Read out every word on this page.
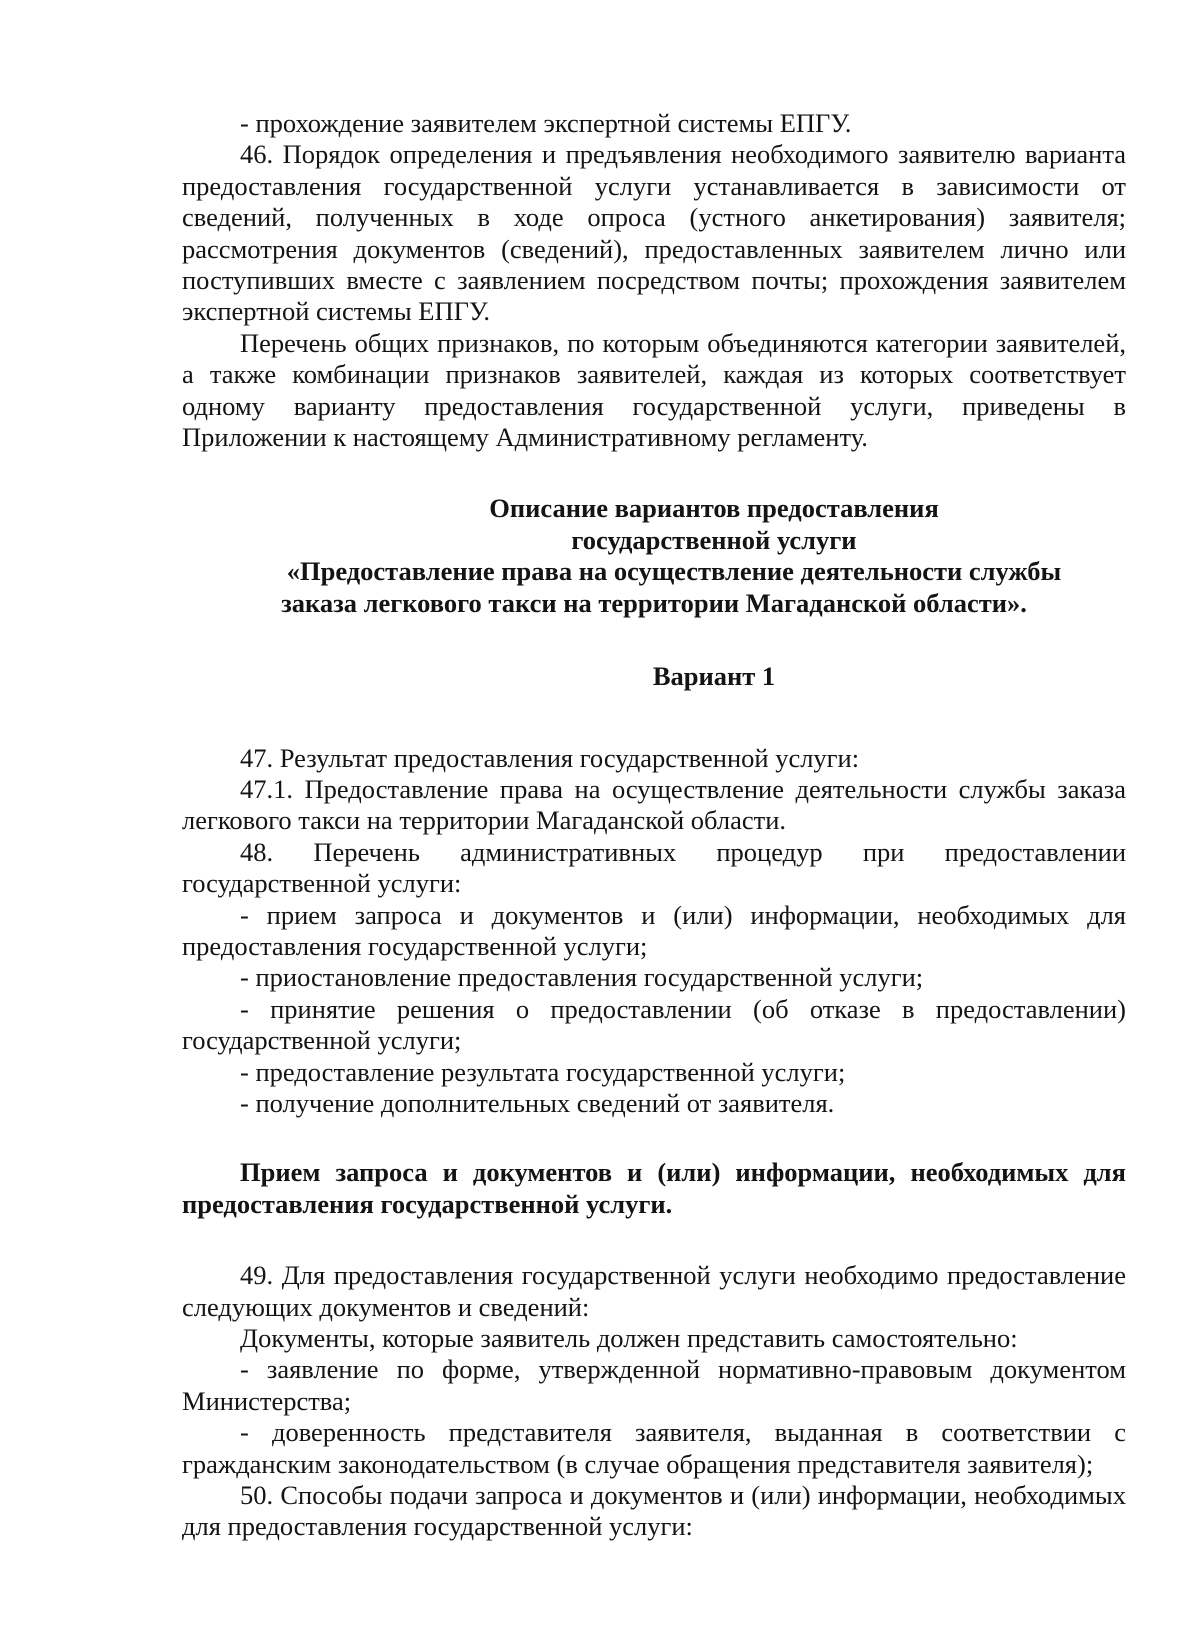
- прохождение заявителем экспертной системы ЕПГУ.

46. Порядок определения и предъявления необходимого заявителю варианта предоставления государственной услуги устанавливается в зависимости от сведений, полученных в ходе опроса (устного анкетирования) заявителя; рассмотрения документов (сведений), предоставленных заявителем лично или поступивших вместе с заявлением посредством почты; прохождения заявителем экспертной системы ЕПГУ.

Перечень общих признаков, по которым объединяются категории заявителей, а также комбинации признаков заявителей, каждая из которых соответствует одному варианту предоставления государственной услуги, приведены в Приложении к настоящему Административному регламенту.

Описание вариантов предоставления
государственной услуги
«Предоставление права на осуществление деятельности службы
заказа легкового такси на территории Магаданской области».

Вариант 1

47. Результат предоставления государственной услуги:

47.1. Предоставление права на осуществление деятельности службы заказа легкового такси на территории Магаданской области.

48. Перечень административных процедур при предоставлении государственной услуги:

- прием запроса и документов и (или) информации, необходимых для предоставления государственной услуги;

- приостановление предоставления государственной услуги;

- принятие решения о предоставлении (об отказе в предоставлении) государственной услуги;

- предоставление результата государственной услуги;

- получение дополнительных сведений от заявителя.

Прием запроса и документов и (или) информации, необходимых для предоставления государственной услуги.

49. Для предоставления государственной услуги необходимо предоставление следующих документов и сведений:

Документы, которые заявитель должен представить самостоятельно:

- заявление по форме, утвержденной нормативно-правовым документом Министерства;

- доверенность представителя заявителя, выданная в соответствии с гражданским законодательством (в случае обращения представителя заявителя);

50. Способы подачи запроса и документов и (или) информации, необходимых для предоставления государственной услуги:
